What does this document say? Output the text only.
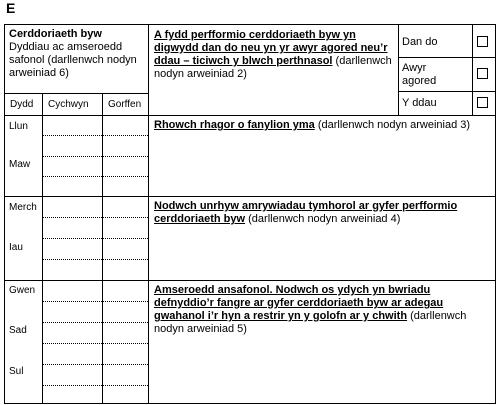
E
Cerddoriaeth byw
Dyddiau ac amseroedd safonol (darllenwch nodyn arweiniad 6)
Dydd Cychwyn Gorffen
Llun
Maw
Merch
Iau
Gwen
Sad
Sul
A fydd perfformio cerddoriaeth byw yn digwydd dan do neu yn yr awyr agored neu’r ddau – ticiwch y blwch perthnasol (darllenwch nodyn arweiniad 2)
Dan do
Awyr agored
Y ddau
Rhowch rhagor o fanylion yma (darllenwch nodyn arweiniad 3)
Nodwch unrhyw amrywiadau tymhorol ar gyfer perfformio cerddoriaeth byw (darllenwch nodyn arweiniad 4)
Amseroedd ansafonol. Nodwch os ydych yn bwriadu defnyddio’r fangre ar gyfer cerddoriaeth byw ar adegau gwahanol i’r hyn a restrir yn y golofn ar y chwith (darllenwch nodyn arweiniad 5)
